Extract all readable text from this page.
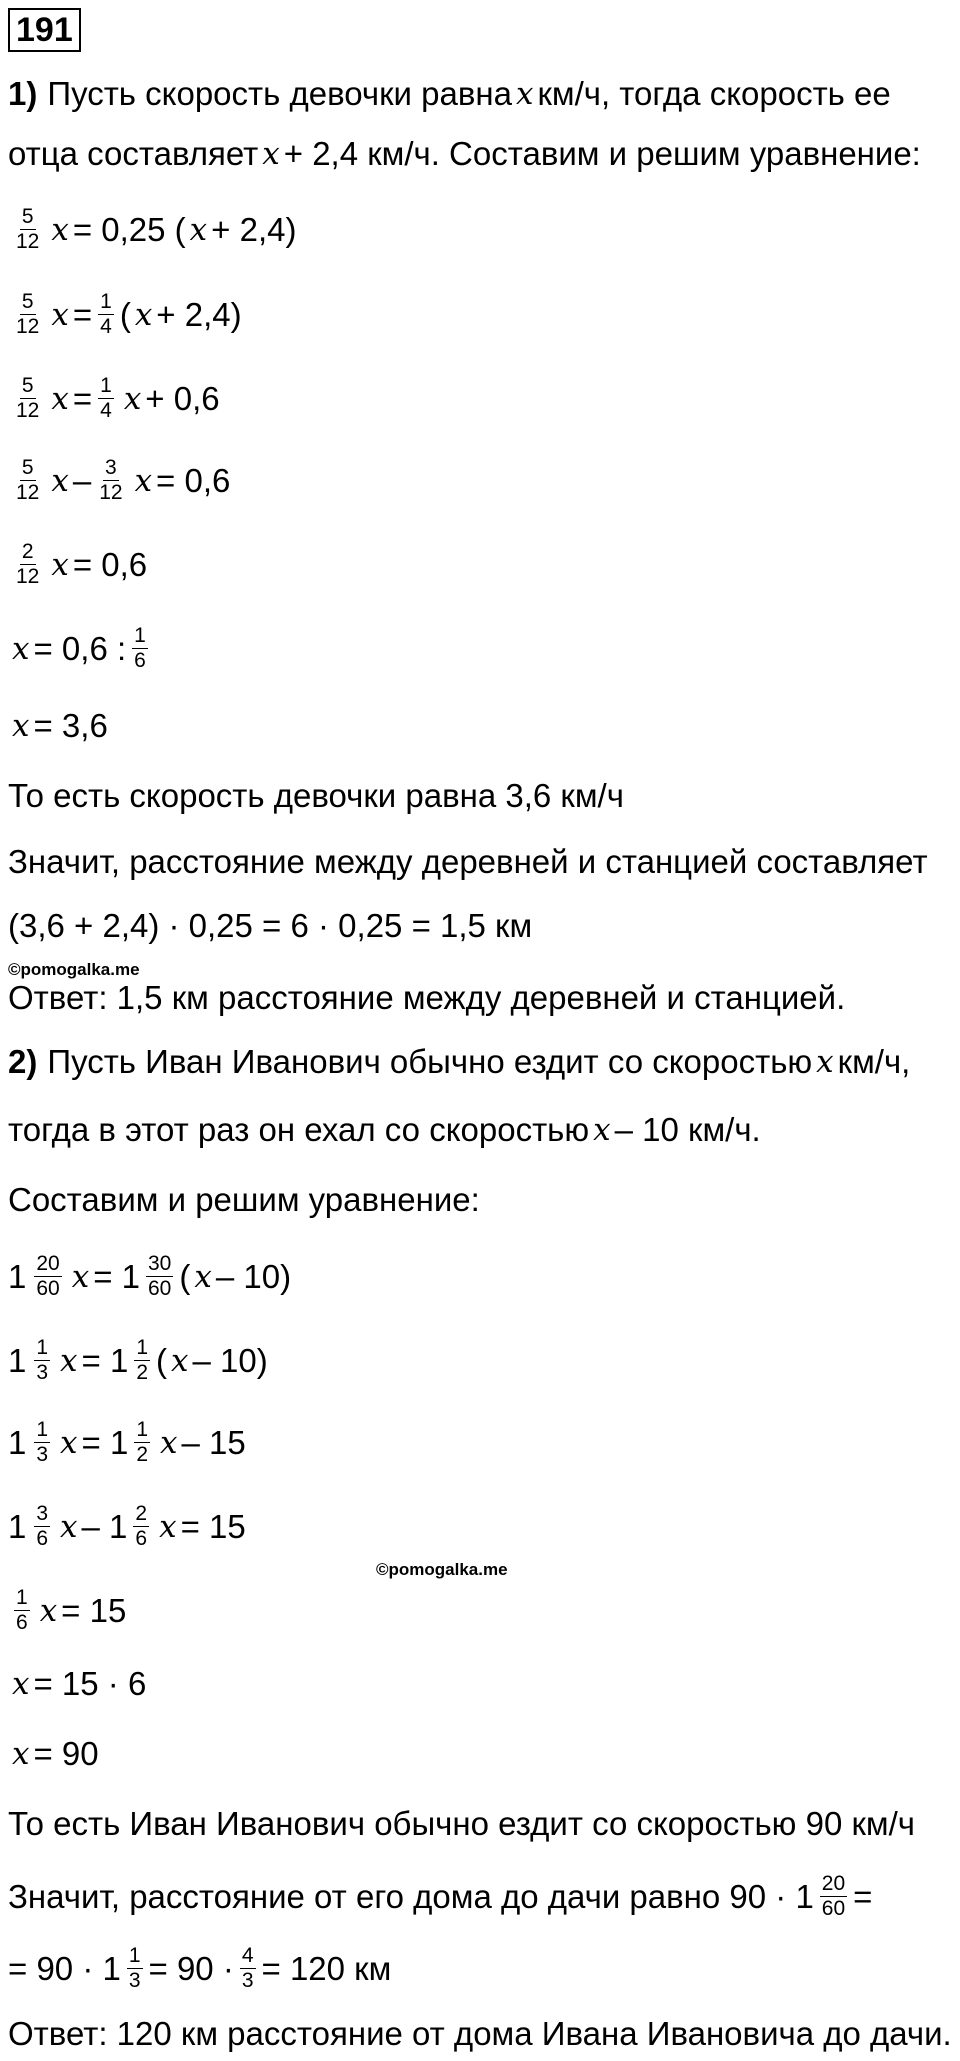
191
1) Пусть скорость девочки равна x км/ч, тогда скорость ее
отца составляет x + 2,4 км/ч. Составим и решим уравнение:
$\frac{5}{12}$ x = 0,25 ( x + 2,4)
$\frac{5}{12}$ $x = \frac{1}{4}$ ( x + 2,4)
$\frac{5}{12}$ $x = \frac{1}{4}$ x + 0,6
$\frac{5}{12}$ x – $\frac{3}{12}$ x = 0,6
$\frac{2}{12}$ x = 0,6
x = 0,6 : $\frac{1}{6}$
x = 3,6
То есть скорость девочки равна 3,6 км/ч
Значит, расстояние между деревней и станцией составляет
(3,6 + 2,4) · 0,25 = 6 · 0,25 = 1,5 км
©pomogalka.me
Ответ: 1,5 км расстояние между деревней и станцией.
2) Пусть Иван Иванович обычно ездит со скоростью x км/ч,
тогда в этот раз он ехал со скоростью x – 10 км/ч.
Составим и решим уравнение:
$1 \frac{20}{60}$ $x = 1 \frac{30}{60}$ ( x – 10)
$1 \frac{1}{3}$ $x = 1 \frac{1}{2}$ ( x – 10)
$1 \frac{1}{3}$ $x = 1 \frac{1}{2}$ x – 15
$1 \frac{3}{6}$ x – $1 \frac{2}{6}$ x = 15
©pomogalka.me
$\frac{1}{6}$ x = 15
x = 15 · 6
x = 90
То есть Иван Иванович обычно ездит со скоростью 90 км/ч
Значит, расстояние от его дома до дачи равно $90 \cdot 1 \frac{20}{60}$ =
= $90 \cdot 1 \frac{1}{3} = 90 \cdot \frac{4}{3} = 120$ км
Ответ: 120 км расстояние от дома Ивана Ивановича до дачи.
